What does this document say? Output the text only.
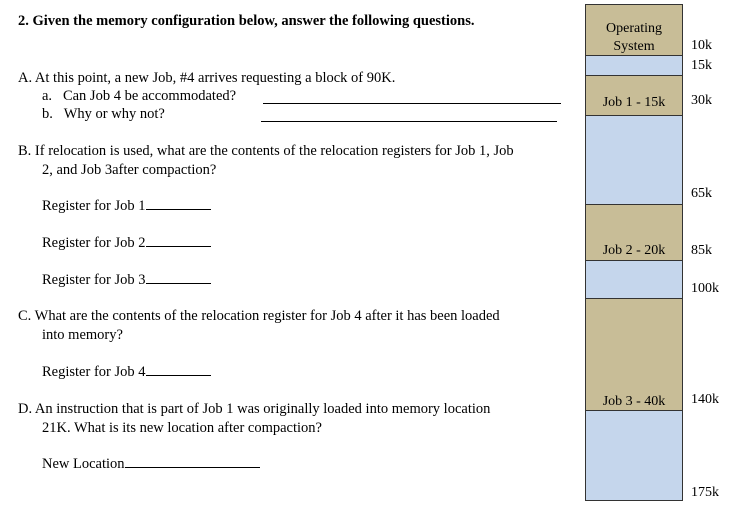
2. Given the memory configuration below, answer the following questions.
A. At this point, a new Job, #4 arrives requesting a block of 90K.
a. Can Job 4 be accommodated?
b. Why or why not?
B. If relocation is used, what are the contents of the relocation registers for Job 1, Job
2, and Job 3after compaction?
Register for Job 1
Register for Job 2
Register for Job 3
C. What are the contents of the relocation register for Job 4 after it has been loaded
into memory?
Register for Job 4
D. An instruction that is part of Job 1 was originally loaded into memory location
21K. What is its new location after compaction?
New Location
Operating
System
Job 1 - 15k
Job 2 - 20k
Job 3 - 40k
10k
15k
30k
65k
85k
100k
140k
175k
